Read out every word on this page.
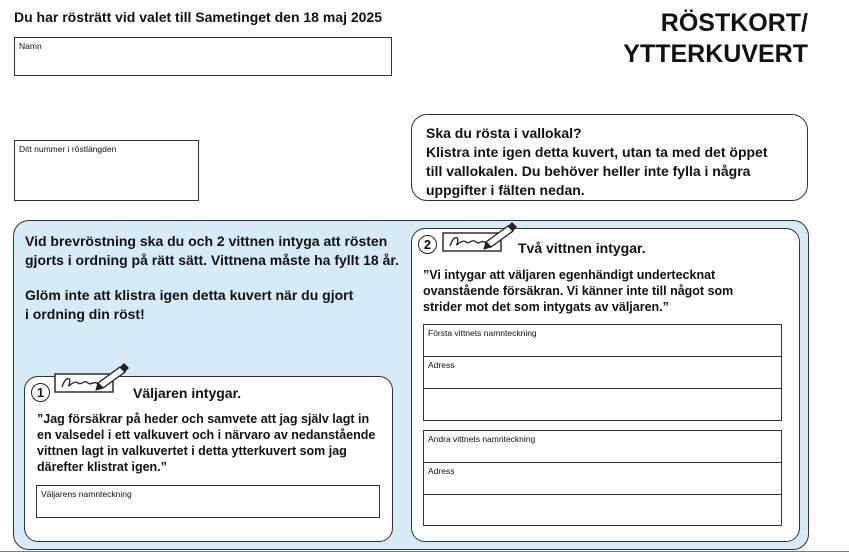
Du har rösträtt vid valet till Sametinget den 18 maj 2025	RÖSTKORT/
YTTERKUVERT
Namn
Ditt nummer i röstlängden
Ska du rösta i vallokal?
Klistra inte igen detta kuvert, utan ta med det öppet
till vallokalen. Du behöver heller inte fylla i några
uppgifter i fälten nedan.

Vid brevröstning ska du och 2 vittnen intyga att rösten
gjorts i ordning på rätt sätt. Vittnena måste ha fyllt 18 år.

Glöm inte att klistra igen detta kuvert när du gjort
i ordning din röst!

1	Väljaren intygar.
”Jag försäkrar på heder och samvete att jag själv lagt in
en valsedel i ett valkuvert och i närvaro av nedanstående
vittnen lagt in valkuvertet i detta ytterkuvert som jag
därefter klistrat igen.”
Väljarens namnteckning
2	Två vittnen intygar.
”Vi intygar att väljaren egenhändigt undertecknat
ovanstående försäkran. Vi känner inte till något som
strider mot det som intygats av väljaren.”
Första vittnets namnteckning
Adress
Andra vittnets namnteckning
Adress
